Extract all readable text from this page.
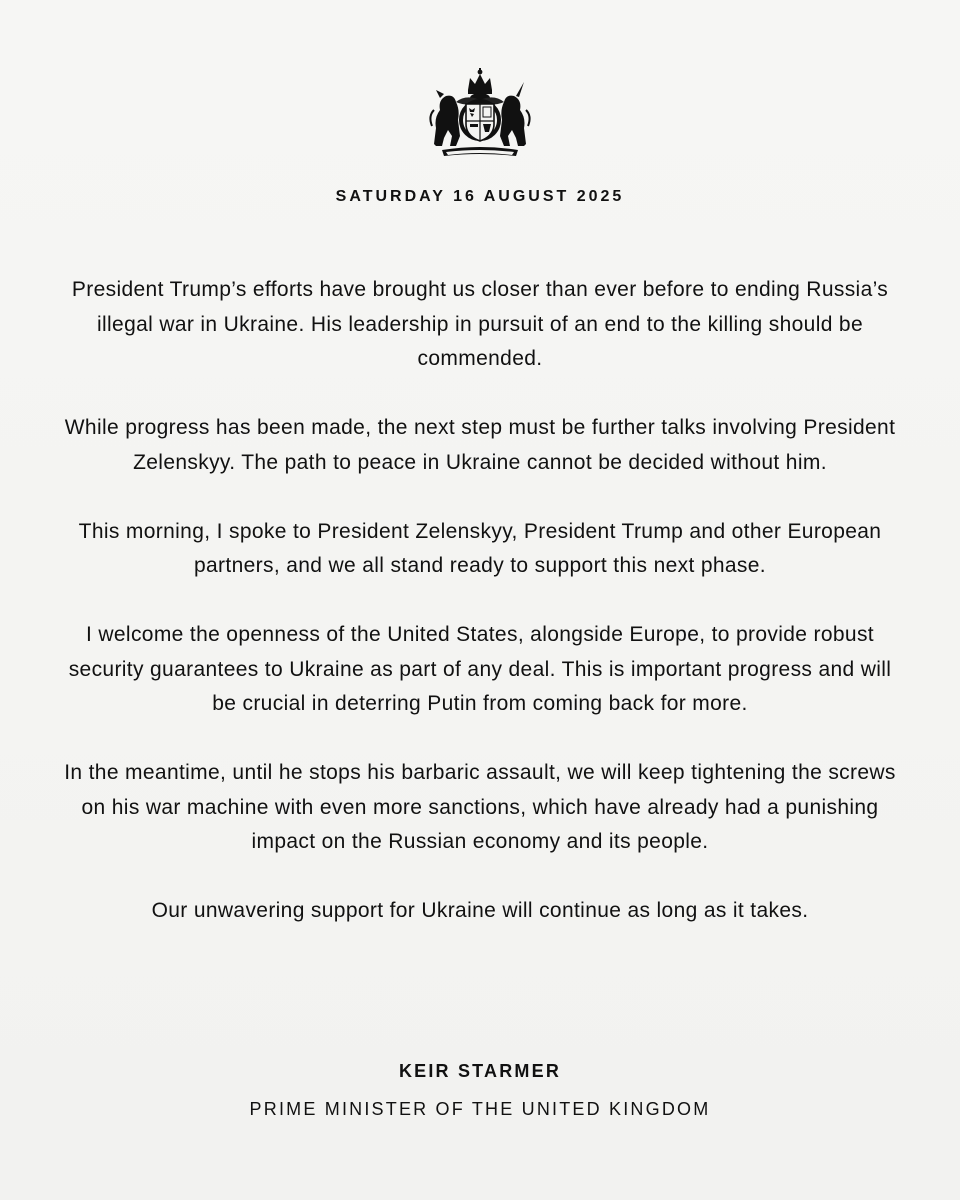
SATURDAY 16 AUGUST 2025

President Trump’s efforts have brought us closer than ever before to ending Russia’s illegal war in Ukraine. His leadership in pursuit of an end to the killing should be commended.

While progress has been made, the next step must be further talks involving President Zelenskyy. The path to peace in Ukraine cannot be decided without him.

This morning, I spoke to President Zelenskyy, President Trump and other European partners, and we all stand ready to support this next phase.

I welcome the openness of the United States, alongside Europe, to provide robust security guarantees to Ukraine as part of any deal. This is important progress and will be crucial in deterring Putin from coming back for more.

In the meantime, until he stops his barbaric assault, we will keep tightening the screws on his war machine with even more sanctions, which have already had a punishing impact on the Russian economy and its people.

Our unwavering support for Ukraine will continue as long as it takes.

KEIR STARMER
PRIME MINISTER OF THE UNITED KINGDOM
